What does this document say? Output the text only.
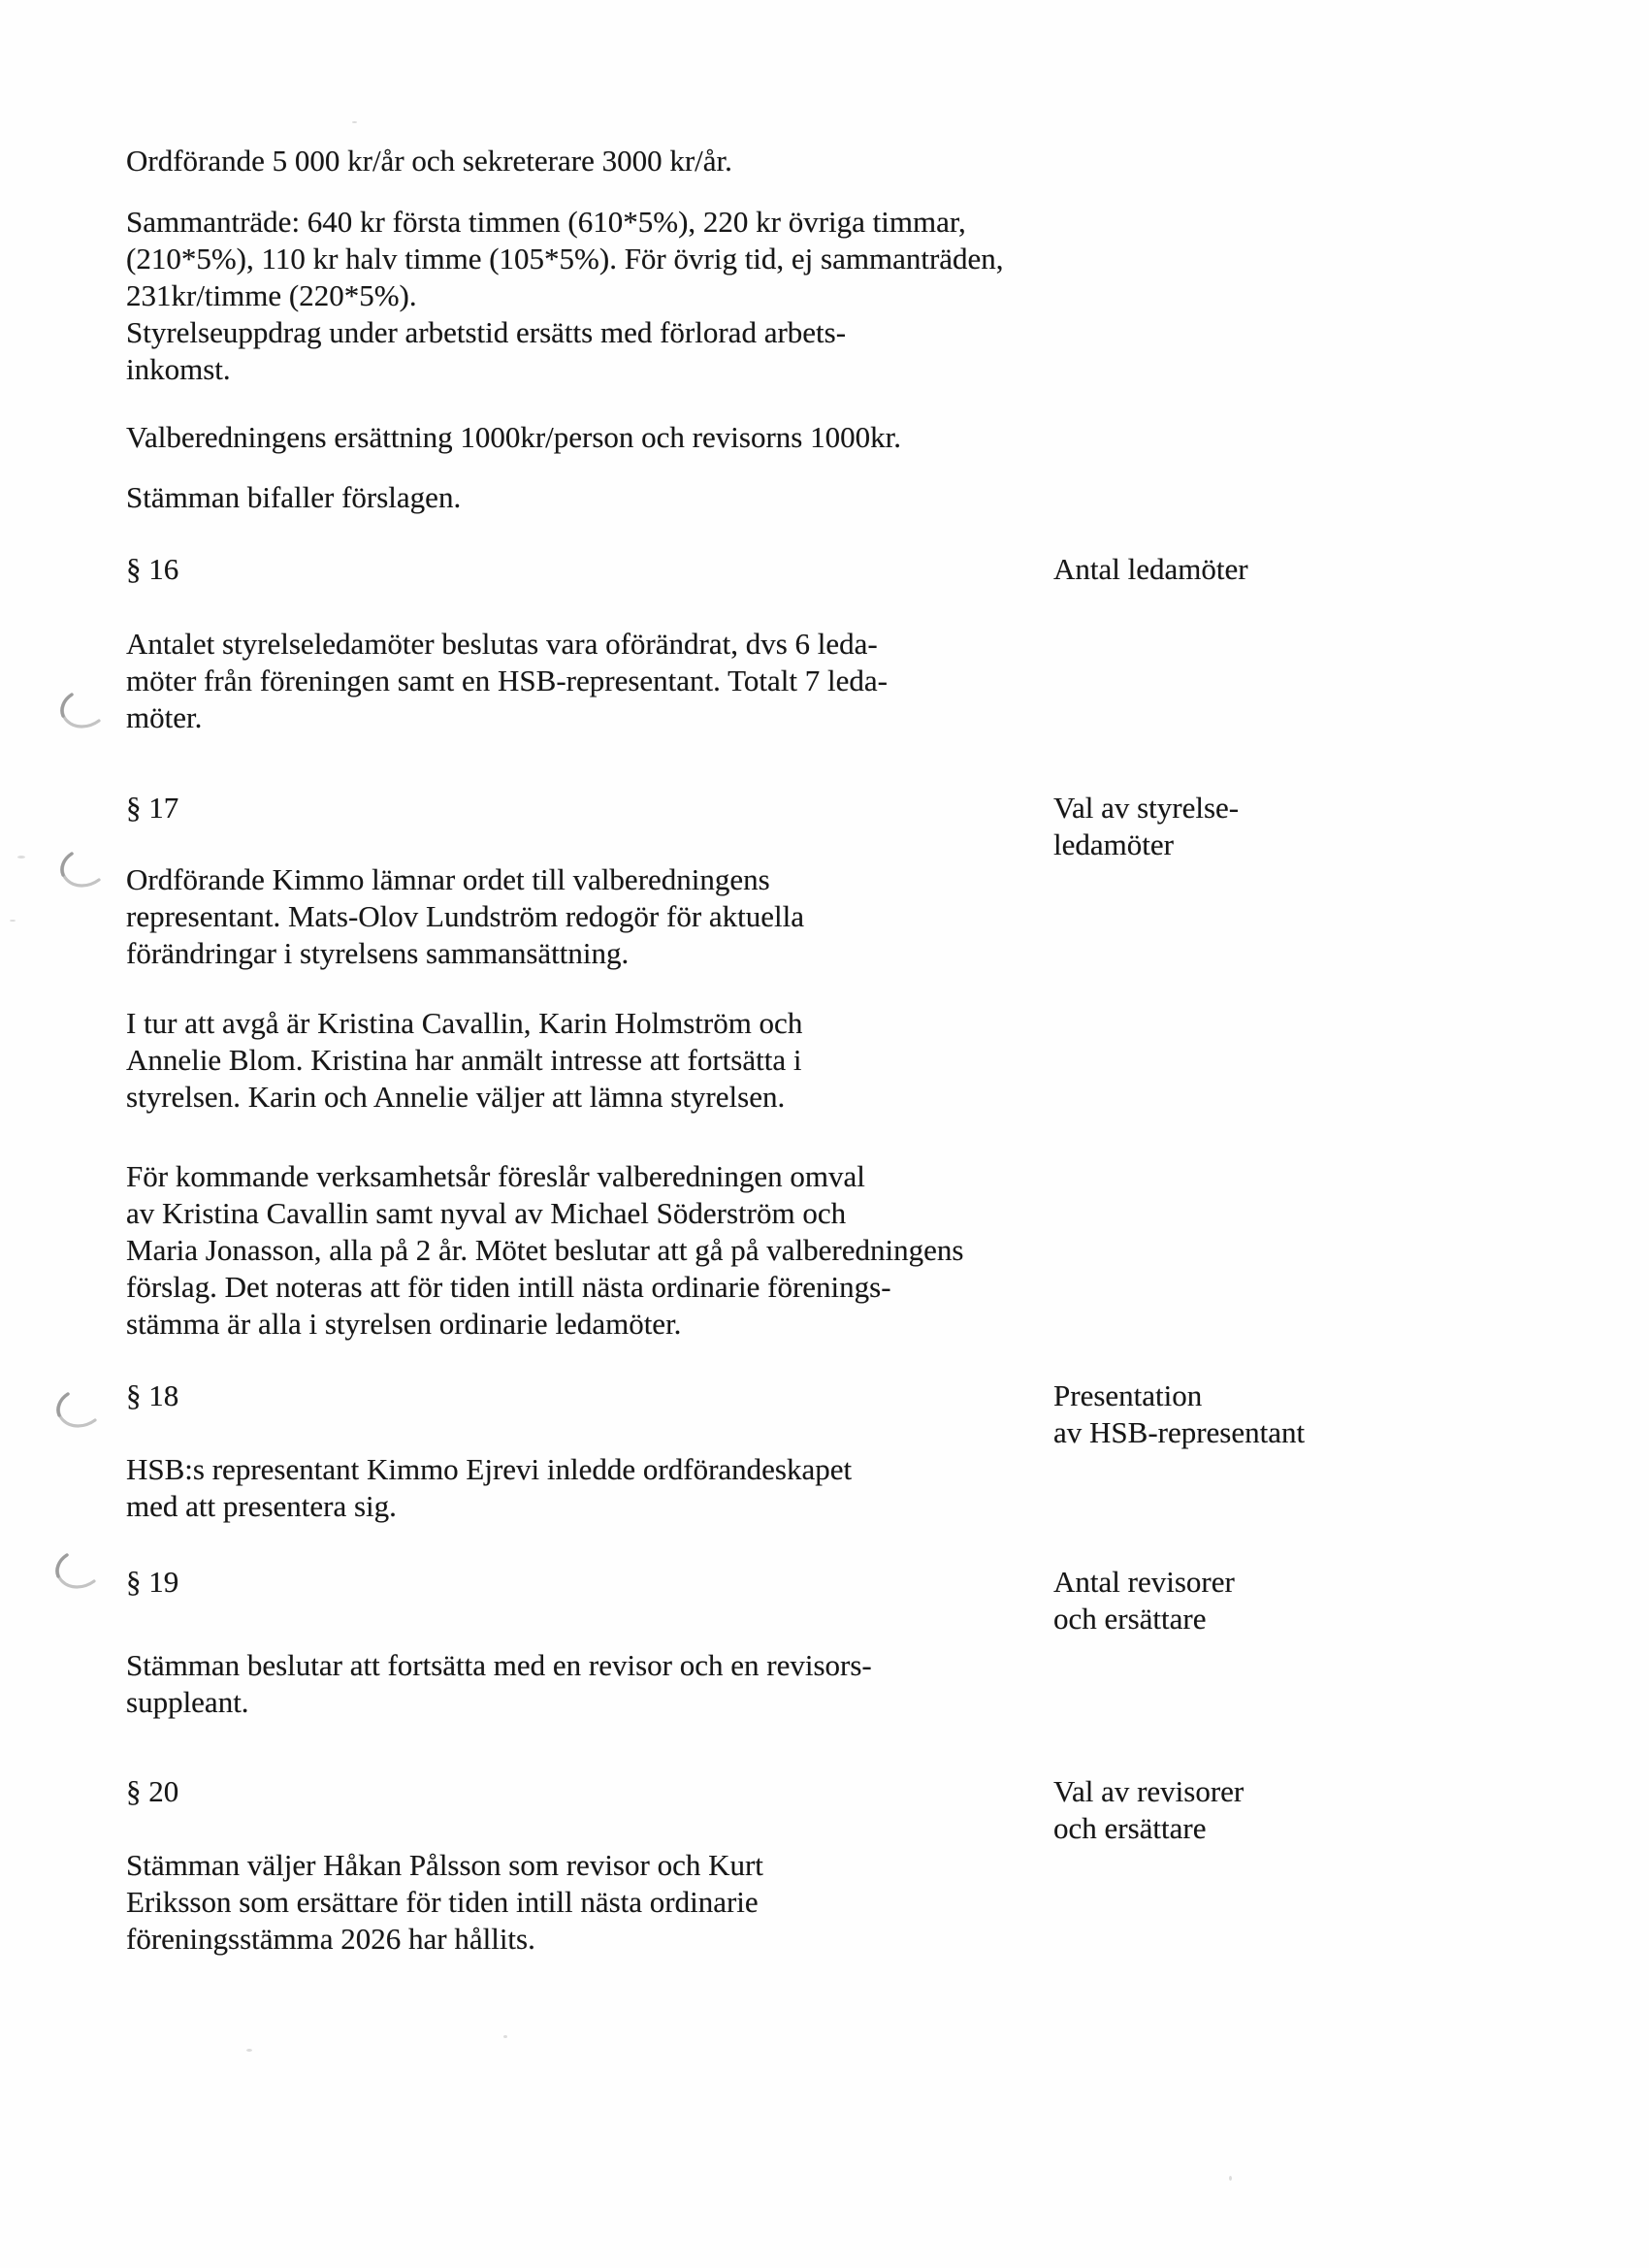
Ordförande 5 000 kr/år och sekreterare 3000 kr/år.
Sammanträde: 640 kr första timmen (610*5%), 220 kr övriga timmar,
(210*5%), 110 kr halv timme (105*5%). För övrig tid, ej sammanträden,
231kr/timme (220*5%).
Styrelseuppdrag under arbetstid ersätts med förlorad arbets-
inkomst.
Valberedningens ersättning 1000kr/person och revisorns 1000kr.
Stämman bifaller förslagen.
§ 16	Antal ledamöter
Antalet styrelseledamöter beslutas vara oförändrat, dvs 6 leda-
möter från föreningen samt en HSB-representant. Totalt 7 leda-
möter.
§ 17	Val av styrelse-
ledamöter
Ordförande Kimmo lämnar ordet till valberedningens
representant. Mats-Olov Lundström redogör för aktuella
förändringar i styrelsens sammansättning.
I tur att avgå är Kristina Cavallin, Karin Holmström och
Annelie Blom. Kristina har anmält intresse att fortsätta i
styrelsen. Karin och Annelie väljer att lämna styrelsen.
För kommande verksamhetsår föreslår valberedningen omval
av Kristina Cavallin samt nyval av Michael Söderström och
Maria Jonasson, alla på 2 år. Mötet beslutar att gå på valberedningens
förslag. Det noteras att för tiden intill nästa ordinarie förenings-
stämma är alla i styrelsen ordinarie ledamöter.
§ 18	Presentation
av HSB-representant
HSB:s representant Kimmo Ejrevi inledde ordförandeskapet
med att presentera sig.
§ 19	Antal revisorer
och ersättare
Stämman beslutar att fortsätta med en revisor och en revisors-
suppleant.
§ 20	Val av revisorer
och ersättare
Stämman väljer Håkan Pålsson som revisor och Kurt
Eriksson som ersättare för tiden intill nästa ordinarie
föreningsstämma 2026 har hållits.
